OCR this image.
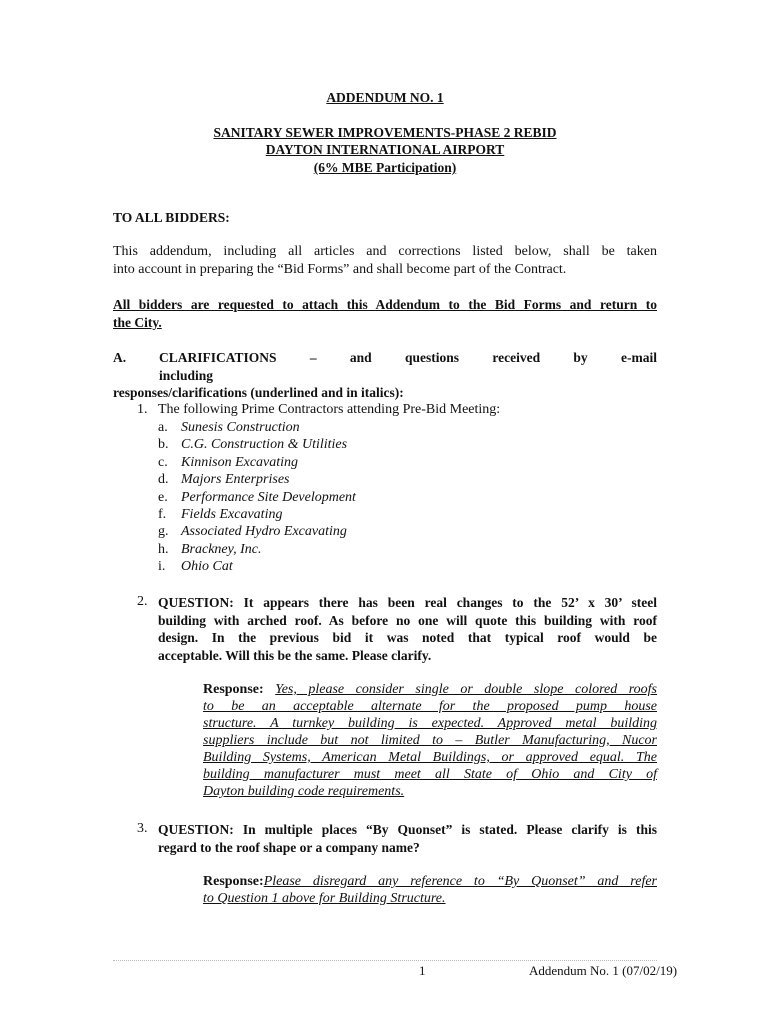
ADDENDUM NO. 1
SANITARY SEWER IMPROVEMENTS-PHASE 2 REBID
DAYTON INTERNATIONAL AIRPORT
(6% MBE Participation)
TO ALL BIDDERS:
This addendum, including all articles and corrections listed below, shall be taken
into account in preparing the “Bid Forms” and shall become part of the Contract.
All bidders are requested to attach this Addendum to the Bid Forms and return to
the City.
A.	CLARIFICATIONS – and questions received by e-mail including
responses/clarifications (underlined and in italics):
1. The following Prime Contractors attending Pre-Bid Meeting:
a. Sunesis Construction
b. C.G. Construction & Utilities
c. Kinnison Excavating
d. Majors Enterprises
e. Performance Site Development
f. Fields Excavating
g. Associated Hydro Excavating
h. Brackney, Inc.
i. Ohio Cat
2. QUESTION: It appears there has been real changes to the 52’ x 30’ steel
building with arched roof. As before no one will quote this building with roof
design. In the previous bid it was noted that typical roof would be
acceptable. Will this be the same. Please clarify.
Response: Yes, please consider single or double slope colored roofs
to be an acceptable alternate for the proposed pump house
structure. A turnkey building is expected. Approved metal building
suppliers include but not limited to – Butler Manufacturing, Nucor
Building Systems, American Metal Buildings, or approved equal. The
building manufacturer must meet all State of Ohio and City of
Dayton building code requirements.
3. QUESTION: In multiple places “By Quonset” is stated. Please clarify is this
regard to the roof shape or a company name?
Response:Please disregard any reference to “By Quonset” and refer
to Question 1 above for Building Structure.
1	Addendum No. 1 (07/02/19)
